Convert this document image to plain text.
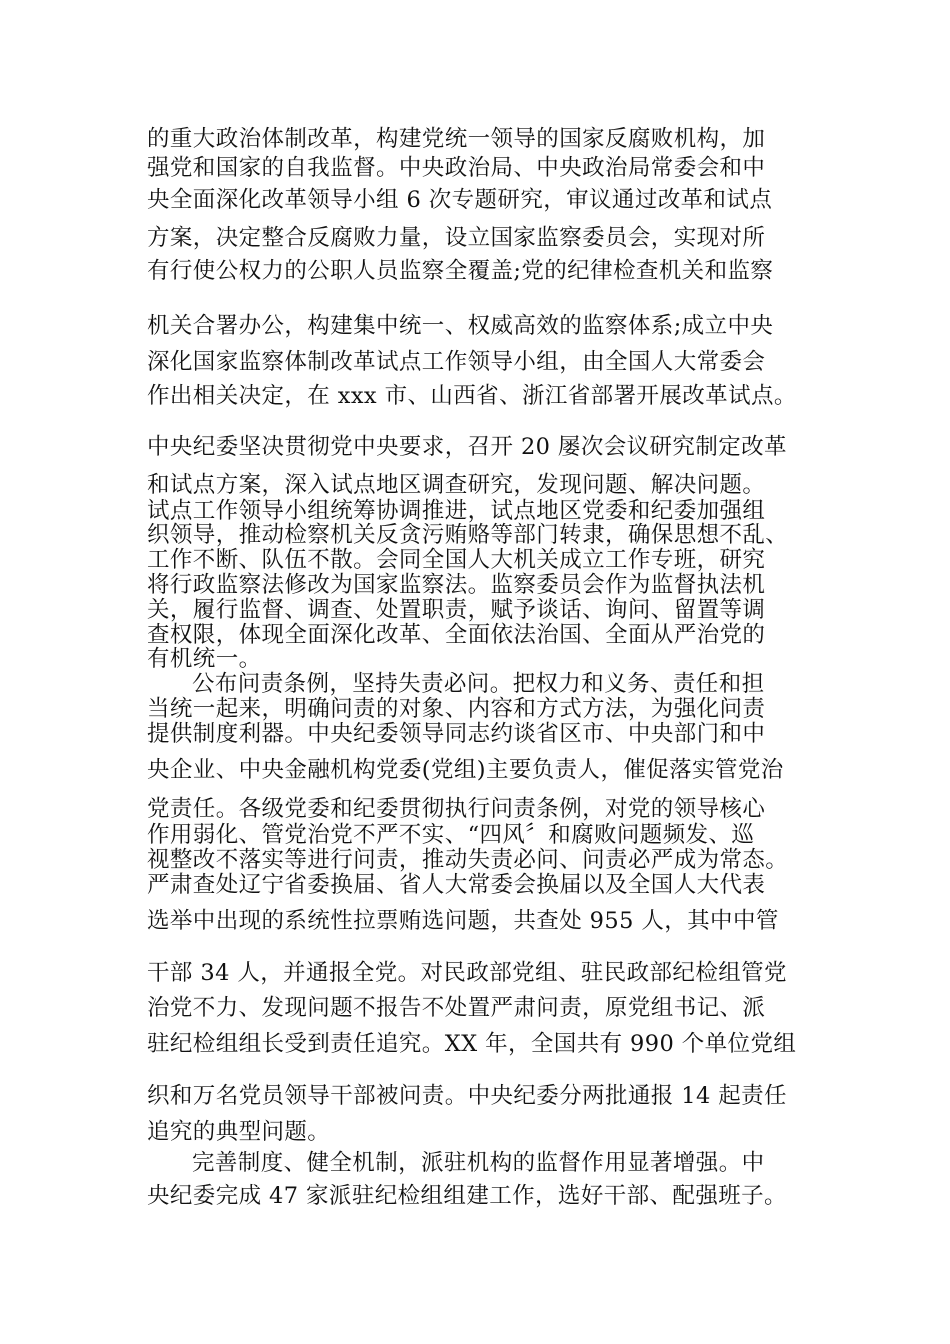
的重大政治体制改革，构建党统一领导的国家反腐败机构，加
强党和国家的自我监督。中央政治局、中央政治局常委会和中
央全面深化改革领导小组 6 次专题研究，审议通过改革和试点
方案，决定整合反腐败力量，设立国家监察委员会，实现对所
有行使公权力的公职人员监察全覆盖;党的纪律检查机关和监察
机关合署办公，构建集中统一、权威高效的监察体系;成立中央
深化国家监察体制改革试点工作领导小组，由全国人大常委会
作出相关决定，在 xxx 市、山西省、浙江省部署开展改革试点。
中央纪委坚决贯彻党中央要求，召开 20 屡次会议研究制定改革
和试点方案，深入试点地区调查研究，发现问题、解决问题。
试点工作领导小组统筹协调推进，试点地区党委和纪委加强组
织领导，推动检察机关反贪污贿赂等部门转隶，确保思想不乱、
工作不断、队伍不散。会同全国人大机关成立工作专班，研究
将行政监察法修改为国家监察法。监察委员会作为监督执法机
关，履行监督、调查、处置职责，赋予谈话、询问、留置等调
查权限，体现全面深化改革、全面依法治国、全面从严治党的
有机统一。
公布问责条例，坚持失责必问。把权力和义务、责任和担
当统一起来，明确问责的对象、内容和方式方法，为强化问责
提供制度利器。中央纪委领导同志约谈省区市、中央部门和中
央企业、中央金融机构党委(党组)主要负责人，催促落实管党治
党责任。各级党委和纪委贯彻执行问责条例，对党的领导核心
作用弱化、管党治党不严不实、“四风〞和腐败问题频发、巡
视整改不落实等进行问责，推动失责必问、问责必严成为常态。
严肃查处辽宁省委换届、省人大常委会换届以及全国人大代表
选举中出现的系统性拉票贿选问题，共查处 955 人，其中中管
干部 34 人，并通报全党。对民政部党组、驻民政部纪检组管党
治党不力、发现问题不报告不处置严肃问责，原党组书记、派
驻纪检组组长受到责任追究。XX 年，全国共有 990 个单位党组
织和万名党员领导干部被问责。中央纪委分两批通报 14 起责任
追究的典型问题。
完善制度、健全机制，派驻机构的监督作用显著增强。中
央纪委完成 47 家派驻纪检组组建工作，选好干部、配强班子。
